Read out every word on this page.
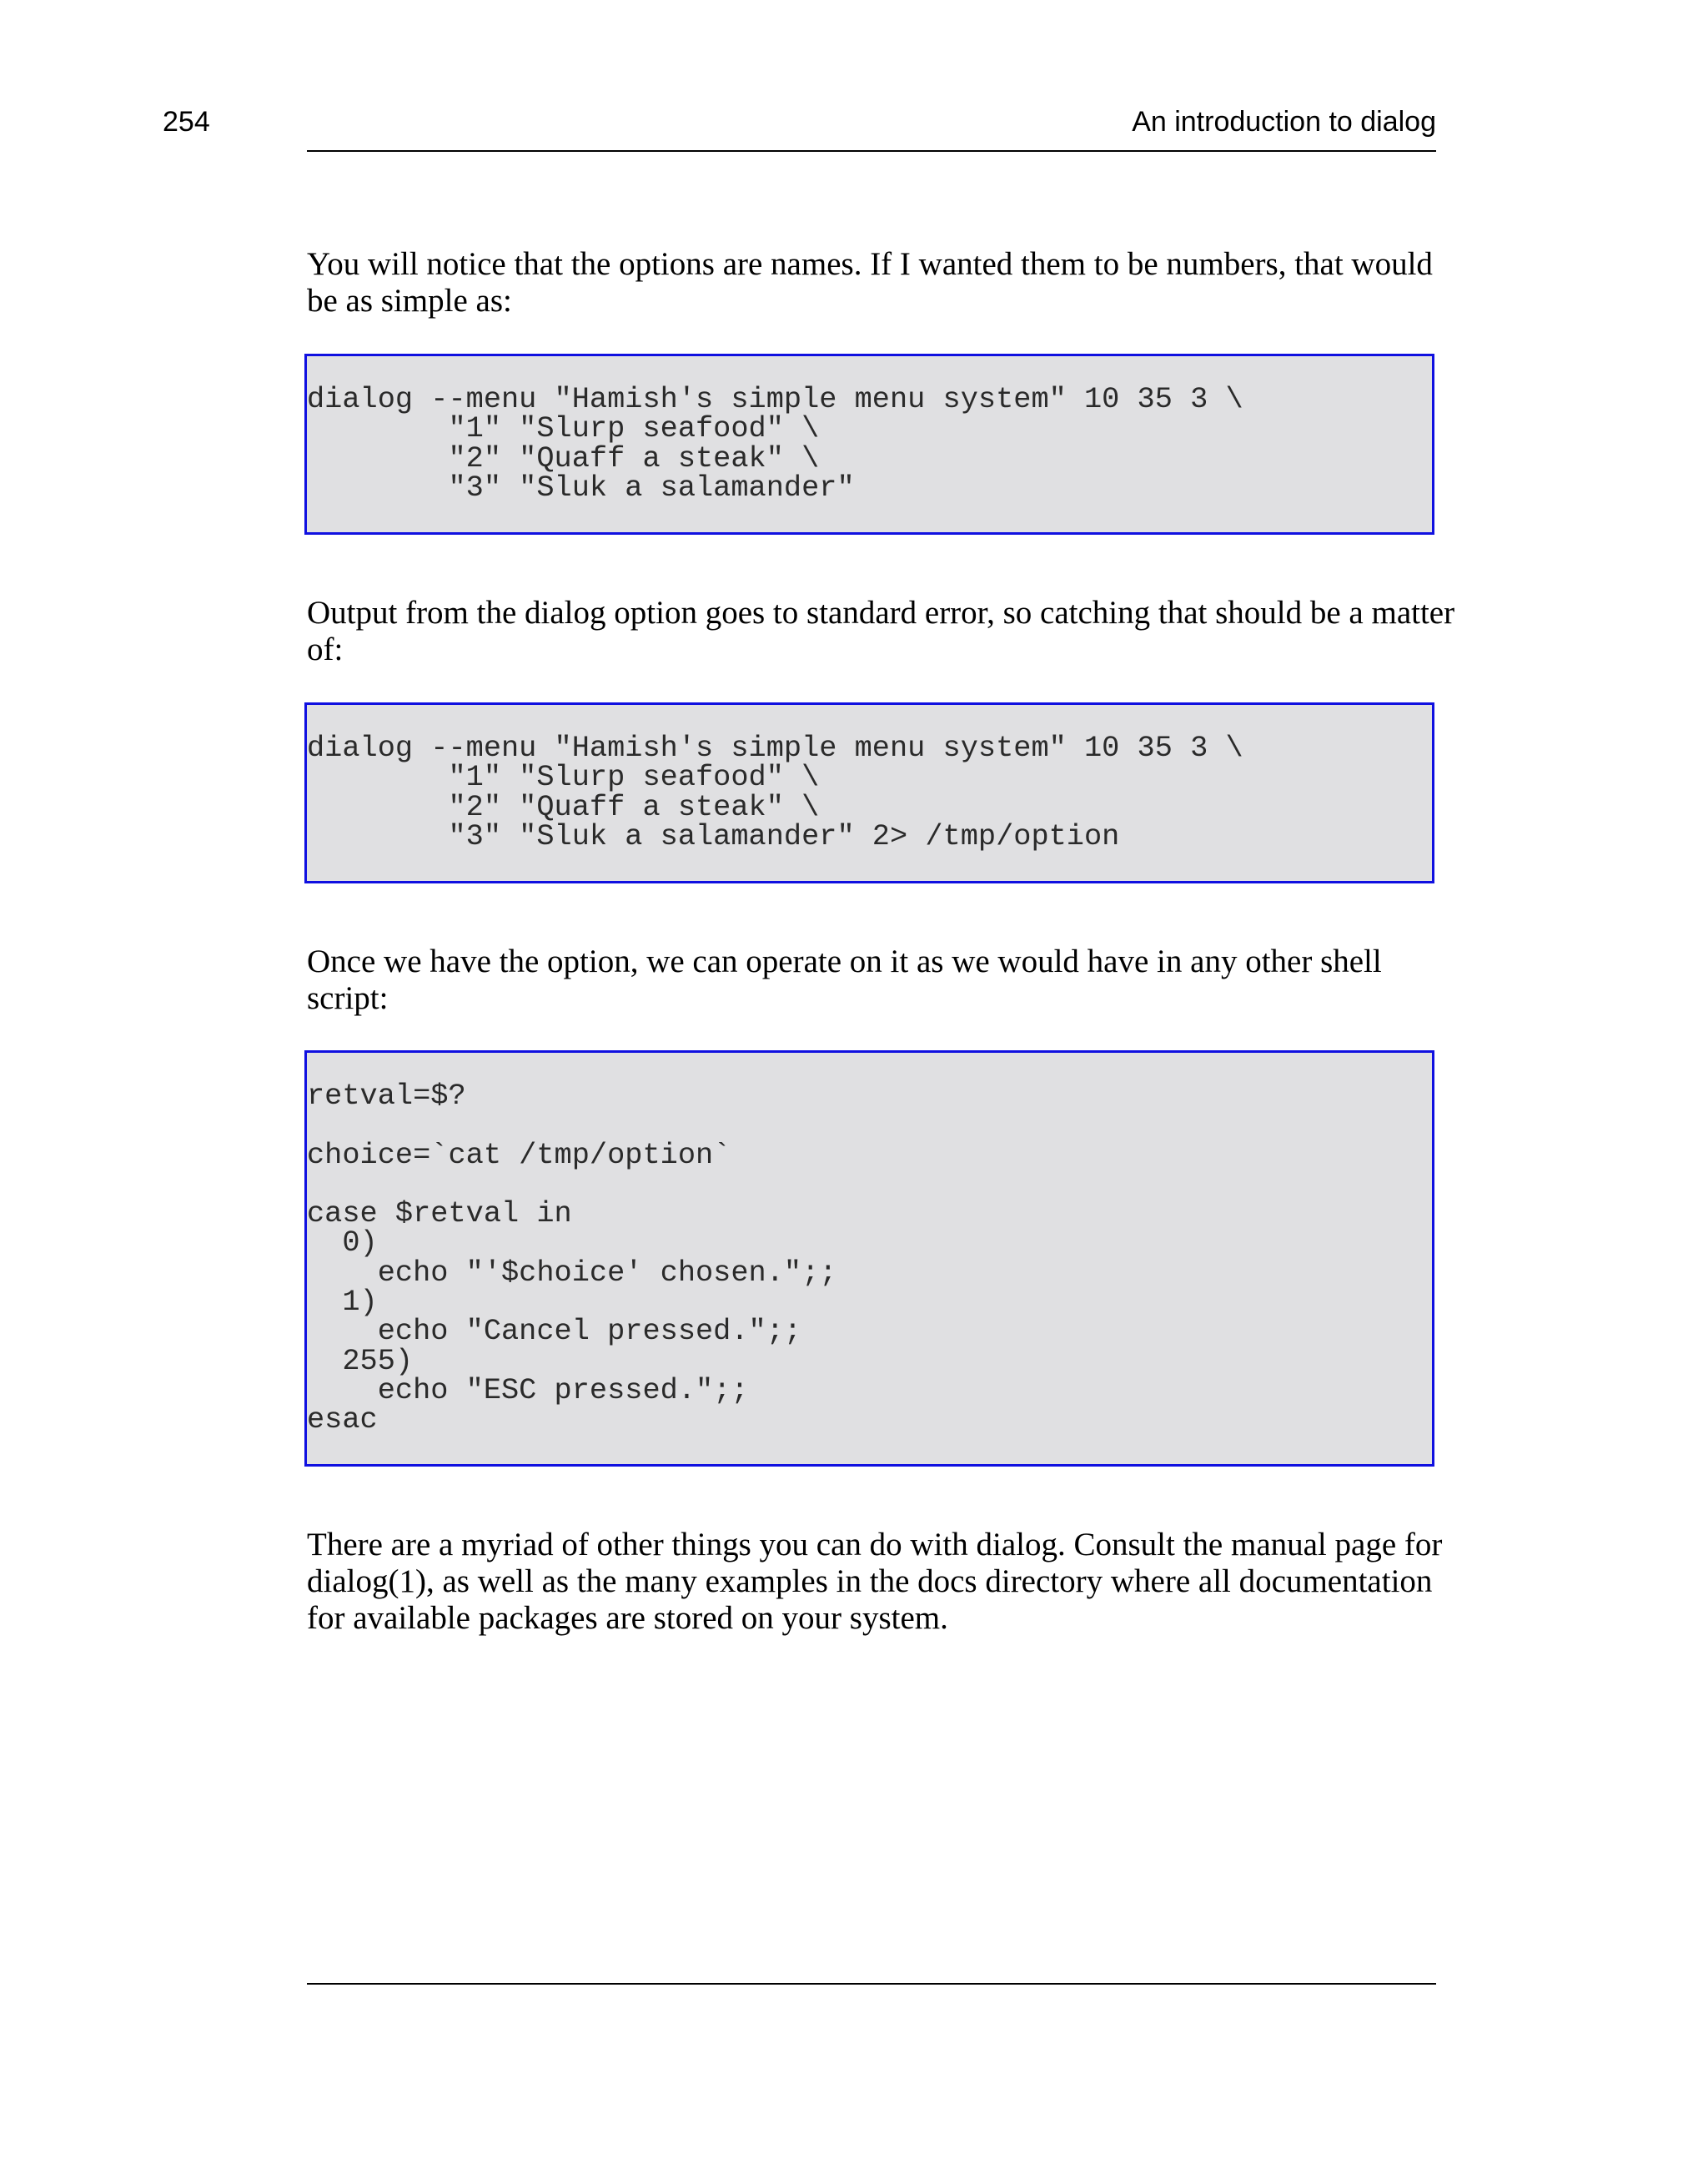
254	An introduction to dialog

You will notice that the options are names. If I wanted them to be numbers, that would be as simple as:

dialog --menu "Hamish's simple menu system" 10 35 3 \
"1" "Slurp seafood" \
"2" "Quaff a steak" \
"3" "Sluk a salamander"

Output from the dialog option goes to standard error, so catching that should be a matter of:

dialog --menu "Hamish's simple menu system" 10 35 3 \
"1" "Slurp seafood" \
"2" "Quaff a steak" \
"3" "Sluk a salamander" 2> /tmp/option

Once we have the option, we can operate on it as we would have in any other shell script:

retval=$?
choice=`cat /tmp/option`
case $retval in
0)
echo "'$choice' chosen.";;
1)
echo "Cancel pressed.";;
255)
echo "ESC pressed.";;
esac

There are a myriad of other things you can do with dialog. Consult the manual page for dialog(1), as well as the many examples in the docs directory where all documentation for available packages are stored on your system.
